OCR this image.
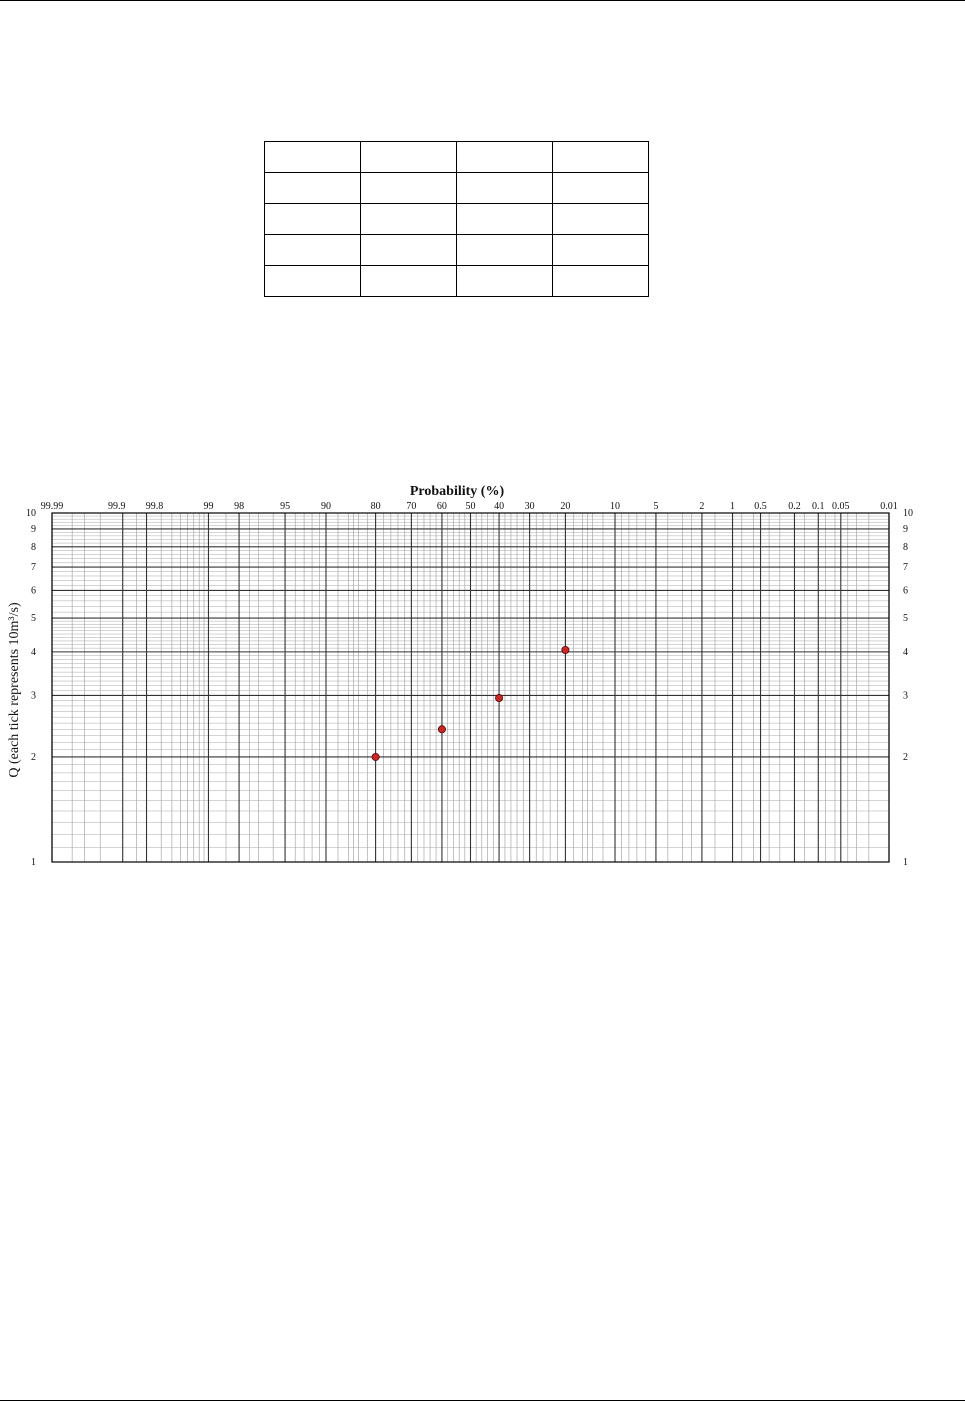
Probability (%)
Q (each tick represents 10m³/s)
99.99	99.9 99.8	99 98	95	90	80	70 60 50 40 30	20	10	5	2	1 0.5 0.2 0.1 0.05	0.01
1	1
2	2
3	3
4	4
5	5
6	6
7	7
8	8
9	9
10	10
